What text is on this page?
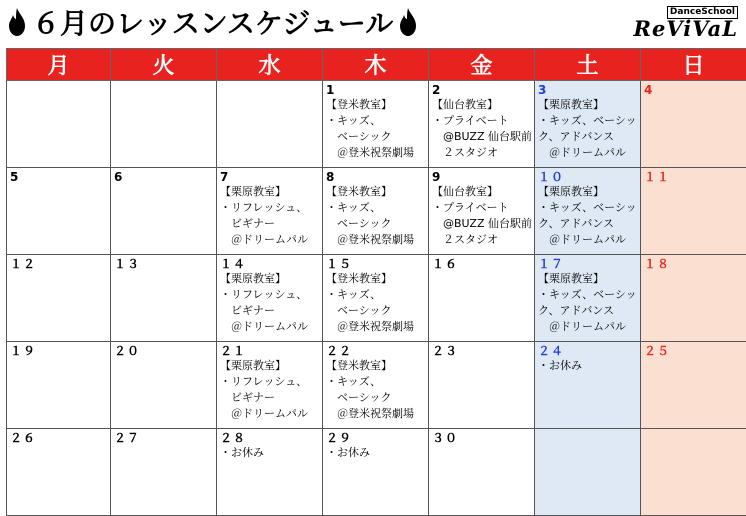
６月のレッスンスケジュール	DanceSchool
ReViVaL
月	火	水	木	金	土	日

			1
【登米教室】
・キッズ、
　ベーシック
　＠登米祝祭劇場	2
【仙台教室】
・プライベート
　@BUZZ 仙台駅前
　２スタジオ	3
【栗原教室】
・キッズ、ベーシッ
ク、アドバンス
　＠ドリームパル	4

5	6	7
【栗原教室】
・リフレッシュ、
　ビギナー
　＠ドリームパル	8
【登米教室】
・キッズ、
　ベーシック
　＠登米祝祭劇場	9
【仙台教室】
・プライベート
　@BUZZ 仙台駅前
　２スタジオ	１０
【栗原教室】
・キッズ、ベーシッ
ク、アドバンス
　＠ドリームパル	１１

１２	１３	１４
【栗原教室】
・リフレッシュ、
　ビギナー
　＠ドリームパル	１５
【登米教室】
・キッズ、
　ベーシック
　＠登米祝祭劇場	１６	１７
【栗原教室】
・キッズ、ベーシッ
ク、アドバンス
　＠ドリームパル	１８

１９	２０	２１
【栗原教室】
・リフレッシュ、
　ビギナー
　＠ドリームパル	２２
【登米教室】
・キッズ、
　ベーシック
　＠登米祝祭劇場	２３	２４
・お休み	２５

２６	２７	２８
・お休み	２９
・お休み	３０		
